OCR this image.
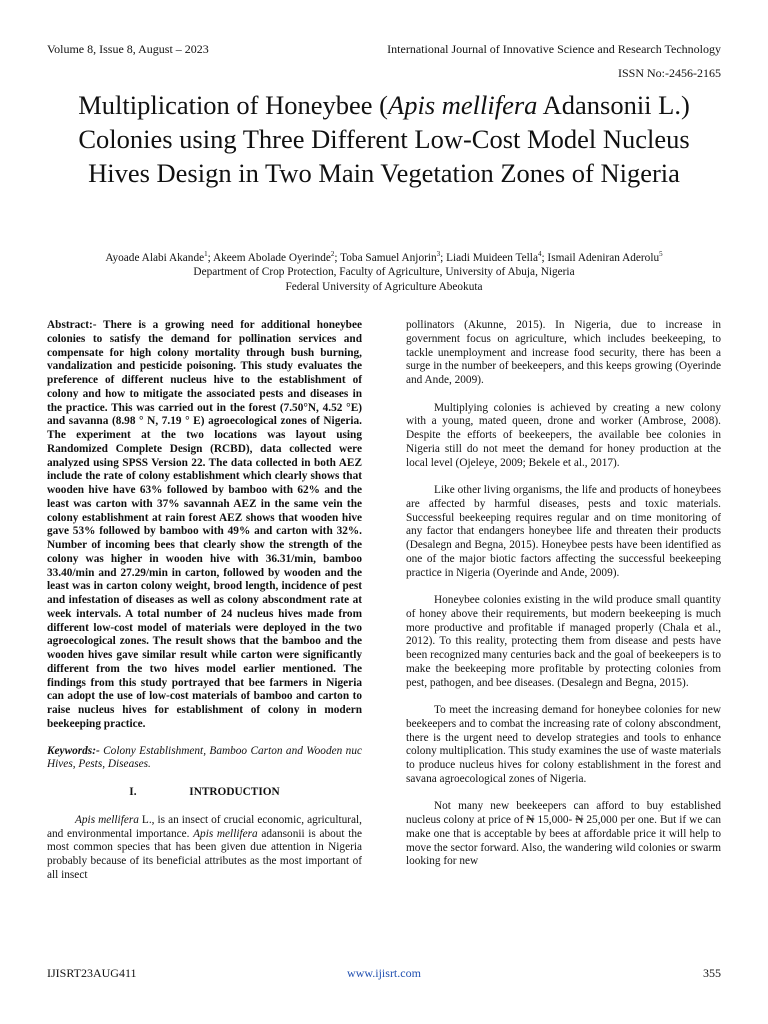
Volume 8, Issue 8, August – 2023	International Journal of Innovative Science and Research Technology
ISSN No:-2456-2165
Multiplication of Honeybee (Apis mellifera Adansonii L.) Colonies using Three Different Low-Cost Model Nucleus Hives Design in Two Main Vegetation Zones of Nigeria
Ayoade Alabi Akande$^1$; Akeem Abolade Oyerinde$^2$; Toba Samuel Anjorin$^3$; Liadi Muideen Tella$^4$; Ismail Adeniran Aderolu$^5$
Department of Crop Protection, Faculty of Agriculture, University of Abuja, Nigeria
Federal University of Agriculture Abeokuta

Abstract:- There is a growing need for additional honeybee colonies to satisfy the demand for pollination services and compensate for high colony mortality through bush burning, vandalization and pesticide poisoning. This study evaluates the preference of different nucleus hive to the establishment of colony and how to mitigate the associated pests and diseases in the practice. This was carried out in the forest (7.50°N, 4.52 °E) and savanna (8.98 ° N, 7.19 ° E) agroecological zones of Nigeria. The experiment at the two locations was layout using Randomized Complete Design (RCBD), data collected were analyzed using SPSS Version 22. The data collected in both AEZ include the rate of colony establishment which clearly shows that wooden hive have 63% followed by bamboo with 62% and the least was carton with 37% savannah AEZ in the same vein the colony establishment at rain forest AEZ shows that wooden hive gave 53% followed by bamboo with 49% and carton with 32%. Number of incoming bees that clearly show the strength of the colony was higher in wooden hive with 36.31/min, bamboo 33.40/min and 27.29/min in carton, followed by wooden and the least was in carton colony weight, brood length, incidence of pest and infestation of diseases as well as colony abscondment rate at week intervals. A total number of 24 nucleus hives made from different low-cost model of materials were deployed in the two agroecological zones. The result shows that the bamboo and the wooden hives gave similar result while carton were significantly different from the two hives model earlier mentioned. The findings from this study portrayed that bee farmers in Nigeria can adopt the use of low-cost materials of bamboo and carton to raise nucleus hives for establishment of colony in modern beekeeping practice.

Keywords:- Colony Establishment, Bamboo Carton and Wooden nuc Hives, Pests, Diseases.

I.	INTRODUCTION

Apis mellifera L., is an insect of crucial economic, agricultural, and environmental importance. Apis mellifera adansonii is about the most common species that has been given due attention in Nigeria probably because of its beneficial attributes as the most important of all insect

pollinators (Akunne, 2015). In Nigeria, due to increase in government focus on agriculture, which includes beekeeping, to tackle unemployment and increase food security, there has been a surge in the number of beekeepers, and this keeps growing (Oyerinde and Ande, 2009).

Multiplying colonies is achieved by creating a new colony with a young, mated queen, drone and worker (Ambrose, 2008). Despite the efforts of beekeepers, the available bee colonies in Nigeria still do not meet the demand for honey production at the local level (Ojeleye, 2009; Bekele et al., 2017).

Like other living organisms, the life and products of honeybees are affected by harmful diseases, pests and toxic materials. Successful beekeeping requires regular and on time monitoring of any factor that endangers honeybee life and threaten their products (Desalegn and Begna, 2015). Honeybee pests have been identified as one of the major biotic factors affecting the successful beekeeping practice in Nigeria (Oyerinde and Ande, 2009).

Honeybee colonies existing in the wild produce small quantity of honey above their requirements, but modern beekeeping is much more productive and profitable if managed properly (Chala et al., 2012). To this reality, protecting them from disease and pests have been recognized many centuries back and the goal of beekeepers is to make the beekeeping more profitable by protecting colonies from pest, pathogen, and bee diseases. (Desalegn and Begna, 2015).

To meet the increasing demand for honeybee colonies for new beekeepers and to combat the increasing rate of colony abscondment, there is the urgent need to develop strategies and tools to enhance colony multiplication. This study examines the use of waste materials to produce nucleus hives for colony establishment in the forest and savana agroecological zones of Nigeria.

Not many new beekeepers can afford to buy established nucleus colony at price of ₦ 15,000- ₦ 25,000 per one. But if we can make one that is acceptable by bees at affordable price it will help to move the sector forward. Also, the wandering wild colonies or swarm looking for new

IJISRT23AUG411	www.ijisrt.com	355
